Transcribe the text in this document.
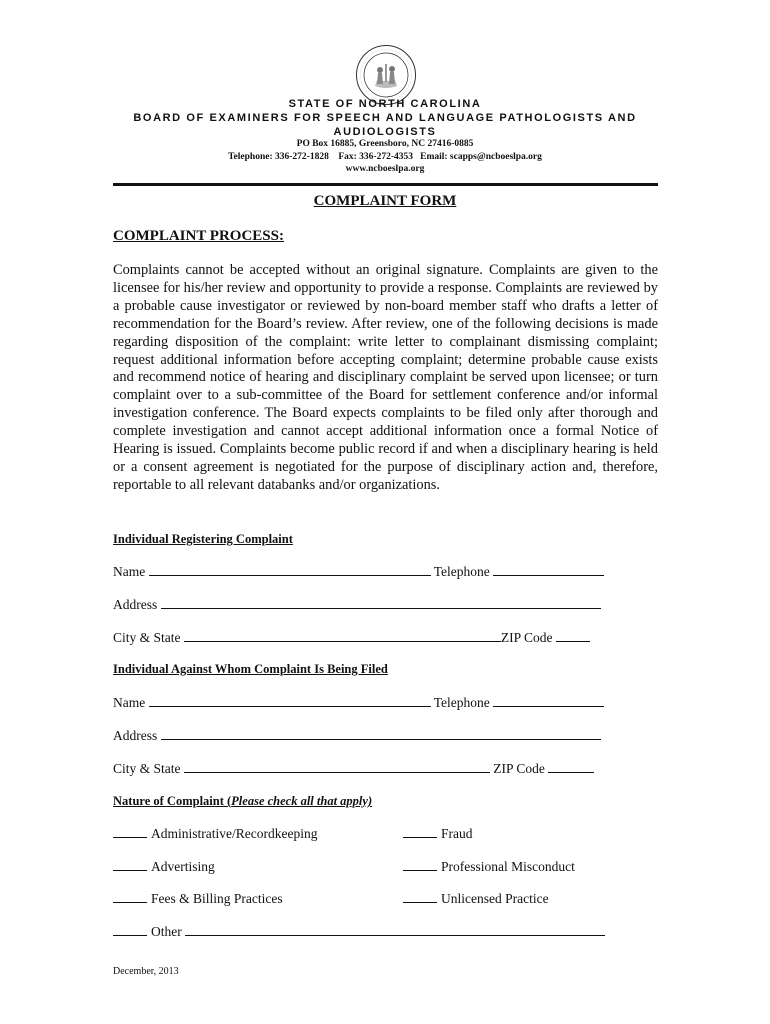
STATE OF NORTH CAROLINA
BOARD OF EXAMINERS FOR SPEECH AND LANGUAGE PATHOLOGISTS AND
AUDIOLOGISTS
PO Box 16885, Greensboro, NC 27416-0885
Telephone: 336-272-1828    Fax: 336-272-4353   Email: scapps@ncboeslpa.org
www.ncboeslpa.org
COMPLAINT FORM
COMPLAINT PROCESS:
Complaints cannot be accepted without an original signature. Complaints are given to the licensee for his/her review and opportunity to provide a response. Complaints are reviewed by a probable cause investigator or reviewed by non-board member staff who drafts a letter of recommendation for the Board’s review. After review, one of the following decisions is made regarding disposition of the complaint: write letter to complainant dismissing complaint; request additional information before accepting complaint; determine probable cause exists and recommend notice of hearing and disciplinary complaint be served upon licensee; or turn complaint over to a sub-committee of the Board for settlement conference and/or informal investigation conference. The Board expects complaints to be filed only after thorough and complete investigation and cannot accept additional information once a formal Notice of Hearing is issued. Complaints become public record if and when a disciplinary hearing is held or a consent agreement is negotiated for the purpose of disciplinary action and, therefore, reportable to all relevant databanks and/or organizations.
Individual Registering Complaint
Name	Telephone
Address
City & State	ZIP Code
Individual Against Whom Complaint Is Being Filed
Name	Telephone
Address
City & State	ZIP Code
Nature of Complaint (Please check all that apply)
Administrative/Recordkeeping	Fraud
Advertising	Professional Misconduct
Fees & Billing Practices	Unlicensed Practice
Other
December, 2013
